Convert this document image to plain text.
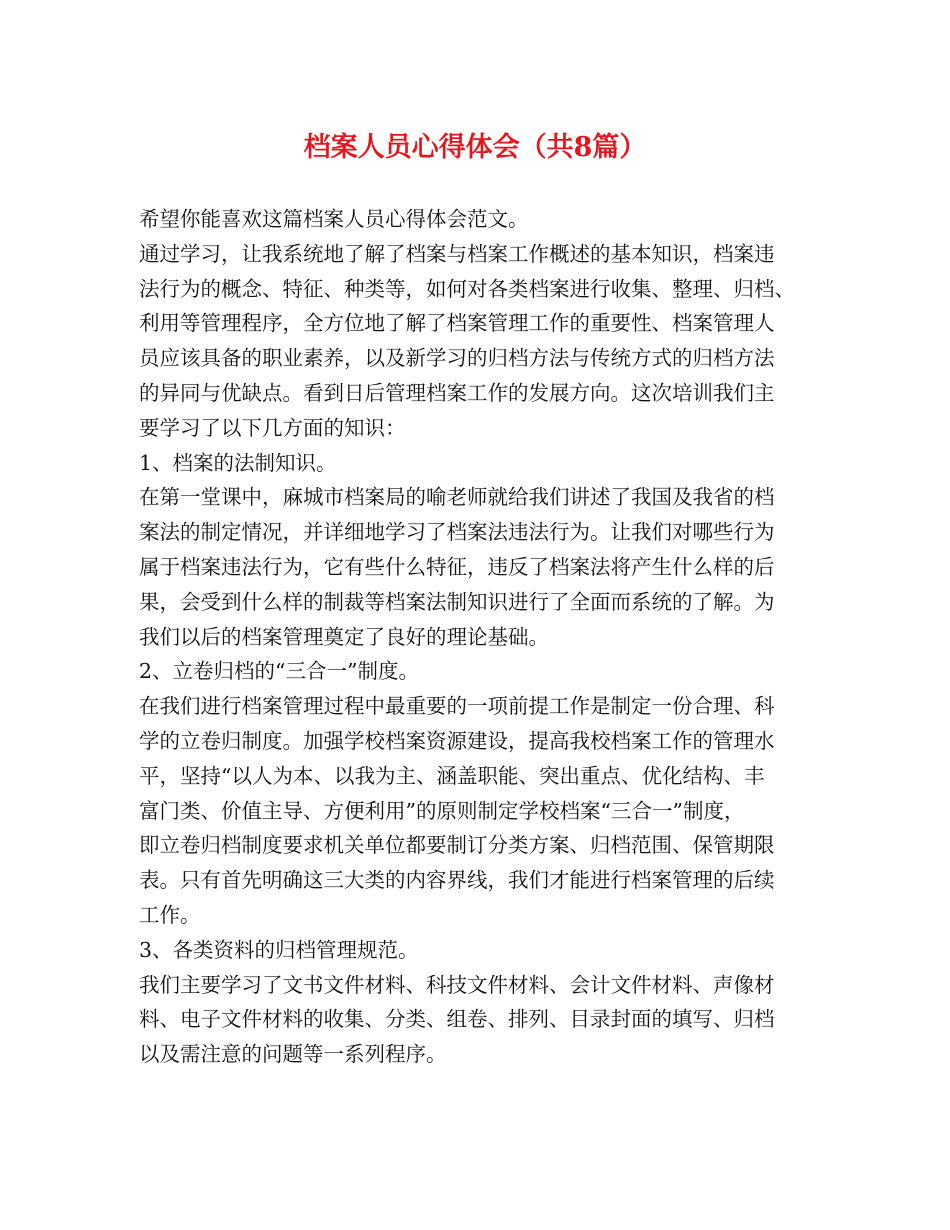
档案人员心得体会（共8篇）
希望你能喜欢这篇档案人员心得体会范文。
通过学习，让我系统地了解了档案与档案工作概述的基本知识，档案违
法行为的概念、特征、种类等，如何对各类档案进行收集、整理、归档、
利用等管理程序，全方位地了解了档案管理工作的重要性、档案管理人
员应该具备的职业素养，以及新学习的归档方法与传统方式的归档方法
的异同与优缺点。看到日后管理档案工作的发展方向。这次培训我们主
要学习了以下几方面的知识：
1、档案的法制知识。
在第一堂课中，麻城市档案局的喻老师就给我们讲述了我国及我省的档
案法的制定情况，并详细地学习了档案法违法行为。让我们对哪些行为
属于档案违法行为，它有些什么特征，违反了档案法将产生什么样的后
果，会受到什么样的制裁等档案法制知识进行了全面而系统的了解。为
我们以后的档案管理奠定了良好的理论基础。
2、立卷归档的“三合一”制度。
在我们进行档案管理过程中最重要的一项前提工作是制定一份合理、科
学的立卷归制度。加强学校档案资源建设，提高我校档案工作的管理水
平，坚持“以人为本、以我为主、涵盖职能、突出重点、优化结构、丰
富门类、价值主导、方便利用”的原则制定学校档案“三合一”制度，
即立卷归档制度要求机关单位都要制订分类方案、归档范围、保管期限
表。只有首先明确这三大类的内容界线，我们才能进行档案管理的后续
工作。
3、各类资料的归档管理规范。
我们主要学习了文书文件材料、科技文件材料、会计文件材料、声像材
料、电子文件材料的收集、分类、组卷、排列、目录封面的填写、归档
以及需注意的问题等一系列程序。
